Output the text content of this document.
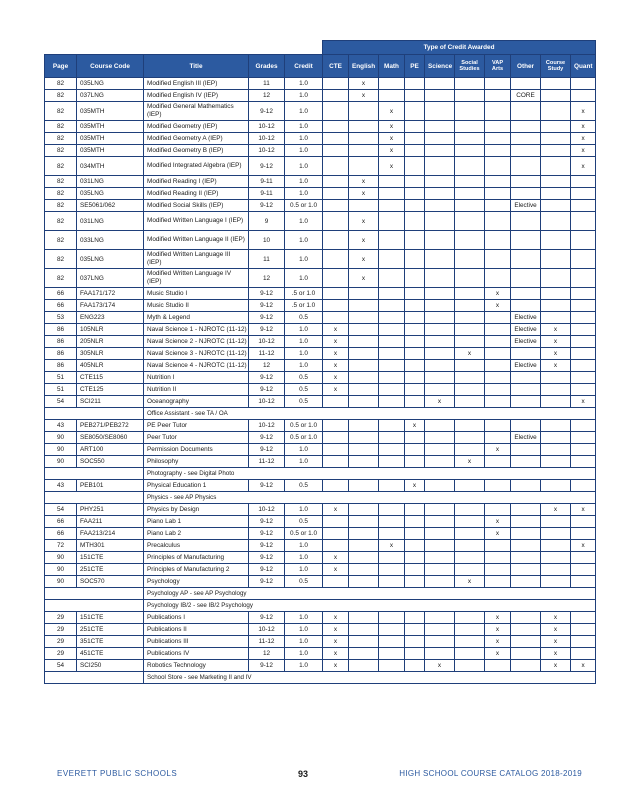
					Type of Credit Awarded									
Page	Course Code	Title	Grades	Credit	CTE	English	Math	PE	Science	Social Studies	VAP Arts	Other	Course Study	Quant
82	035LNG	Modified English III (IEP)	11	1.0		x								
82	037LNG	Modified English IV (IEP)	12	1.0		x						CORE		
82	035MTH	Modified General Mathematics (IEP)	9-12	1.0			x							x
82	035MTH	Modified Geometry (IEP)	10-12	1.0			x							x
82	035MTH	Modified Geometry A (IEP)	10-12	1.0			x							x
82	035MTH	Modified Geometry B (IEP)	10-12	1.0			x							x
82	034MTH	Modified Integrated Algebra (IEP)	9-12	1.0			x							x
82	031LNG	Modified Reading I (IEP)	9-11	1.0		x								
82	035LNG	Modified Reading II (IEP)	9-11	1.0		x								
82	SE5061/062	Modified Social Skills (IEP)	9-12	0.5 or 1.0								Elective		
82	031LNG	Modified Written Language I (IEP)	9	1.0		x								
82	033LNG	Modified Written Language II (IEP)	10	1.0		x								
82	035LNG	Modified Written Language III (IEP)	11	1.0		x								
82	037LNG	Modified Written Language IV (IEP)	12	1.0		x								
66	FAA171/172	Music Studio I	9-12	.5 or 1.0							x			
66	FAA173/174	Music Studio II	9-12	.5 or 1.0							x			
53	ENG223	Myth & Legend	9-12	0.5								Elective		
86	105NLR	Naval Science 1 - NJROTC (11-12)	9-12	1.0	x							Elective	x	
86	205NLR	Naval Science 2 - NJROTC (11-12)	10-12	1.0	x							Elective	x	
86	305NLR	Naval Science 3 - NJROTC (11-12)	11-12	1.0	x					x			x	
86	405NLR	Naval Science 4 - NJROTC (11-12)	12	1.0	x							Elective	x	
51	CTE115	Nutrition I	9-12	0.5	x									
51	CTE125	Nutrition II	9-12	0.5	x									
54	SCI211	Oceanography	10-12	0.5					x					x
		Office Assistant - see TA / OA												
43	PEB271/PEB272	PE Peer Tutor	10-12	0.5 or 1.0				x						
90	SE8050/SE8060	Peer Tutor	9-12	0.5 or 1.0								Elective		
90	ART100	Permission Documents	9-12	1.0							x			
90	SOC550	Philosophy	11-12	1.0						x				
		Photography - see Digital Photo												
43	PEB101	Physical Education 1	9-12	0.5				x						
		Physics - see AP Physics												
54	PHY251	Physics by Design	10-12	1.0	x								x	x
66	FAA211	Piano Lab 1	9-12	0.5							x			
66	FAA213/214	Piano Lab 2	9-12	0.5 or 1.0							x			
72	MTH301	Precalculus	9-12	1.0			x							x
90	151CTE	Principles of Manufacturing	9-12	1.0	x									
90	251CTE	Principles of Manufacturing 2	9-12	1.0	x									
90	SOC570	Psychology	9-12	0.5						x				
		Psychology AP - see AP Psychology												
		Psychology IB/2 - see IB/2 Psychology												
29	151CTE	Publications I	9-12	1.0	x						x		x	
29	251CTE	Publications II	10-12	1.0	x						x		x	
29	351CTE	Publications III	11-12	1.0	x						x		x	
29	451CTE	Publications IV	12	1.0	x						x		x	
54	SCI250	Robotics Technology	9-12	1.0	x				x				x	x
		School Store - see Marketing II and IV												
EVERETT PUBLIC SCHOOLS	93	HIGH SCHOOL COURSE CATALOG 2018-2019
